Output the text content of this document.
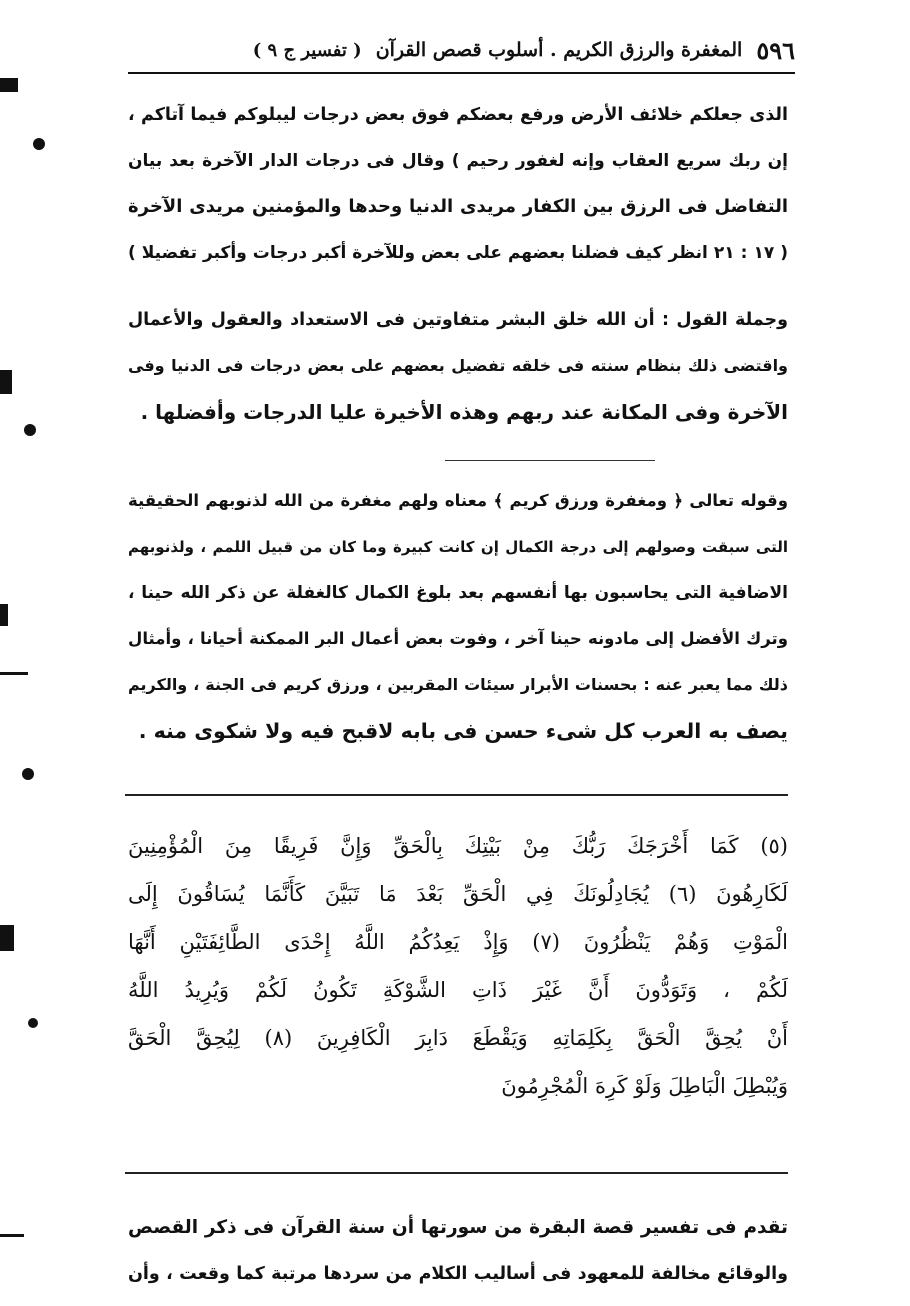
٥٩٦
المغفرة والرزق الكريم . أسلوب قصص القرآن
( تفسير ج ٩ )
الذى جعلكم خلائف الأرض ورفع بعضكم فوق بعض درجات ليبلوكم فيما آتاكم ،
إن ربك سريع العقاب وإنه لغفور رحيم ) وقال فى درجات الدار الآخرة بعد بيان
التفاضل فى الرزق بين الكفار مريدى الدنيا وحدها والمؤمنين مريدى الآخرة
( ١٧ : ٢١ انظر كيف فضلنا بعضهم على بعض وللآخرة أكبر درجات وأكبر تفضيلا )
وجملة القول : أن الله خلق البشر متفاوتين فى الاستعداد والعقول والأعمال
واقتضى ذلك بنظام سنته فى خلقه تفضيل بعضهم على بعض درجات فى الدنيا وفى
الآخرة وفى المكانة عند ربهم وهذه الأخيرة عليا الدرجات وأفضلها .
وقوله تعالى ﴿ ومغفرة ورزق كريم ﴾ معناه ولهم مغفرة من الله لذنوبهم الحقيقية
التى سبقت وصولهم إلى درجة الكمال إن كانت كبيرة وما كان من قبيل اللمم ، ولذنوبهم
الاضافية التى يحاسبون بها أنفسهم بعد بلوغ الكمال كالغفلة عن ذكر الله حينا ،
وترك الأفضل إلى مادونه حينا آخر ، وفوت بعض أعمال البر الممكنة أحيانا ، وأمثال
ذلك مما يعبر عنه : بحسنات الأبرار سيئات المقربين ، ورزق كريم فى الجنة ، والكريم
يصف به العرب كل شىء حسن فى بابه لاقبح فيه ولا شكوى منه .
(٥) كَمَا أَخْرَجَكَ رَبُّكَ مِنْ بَيْتِكَ بِالْحَقِّ وَإِنَّ فَرِيقًا مِنَ الْمُؤْمِنِينَ
لَكَارِهُونَ (٦) يُجَادِلُونَكَ فِي الْحَقِّ بَعْدَ مَا تَبَيَّنَ كَأَنَّمَا يُسَاقُونَ إِلَى
الْمَوْتِ وَهُمْ يَنْظُرُونَ (٧) وَإِذْ يَعِدُكُمُ اللَّهُ إِحْدَى الطَّائِفَتَيْنِ أَنَّهَا
لَكُمْ ، وَتَوَدُّونَ أَنَّ غَيْرَ ذَاتِ الشَّوْكَةِ تَكُونُ لَكُمْ وَيُرِيدُ اللَّهُ
أَنْ يُحِقَّ الْحَقَّ بِكَلِمَاتِهِ وَيَقْطَعَ دَابِرَ الْكَافِرِينَ (٨) لِيُحِقَّ الْحَقَّ
وَيُبْطِلَ الْبَاطِلَ وَلَوْ كَرِهَ الْمُجْرِمُونَ
تقدم فى تفسير قصة البقرة من سورتها أن سنة القرآن فى ذكر القصص
والوقائع مخالفة للمعهود فى أساليب الكلام من سردها مرتبة كما وقعت ، وأن
